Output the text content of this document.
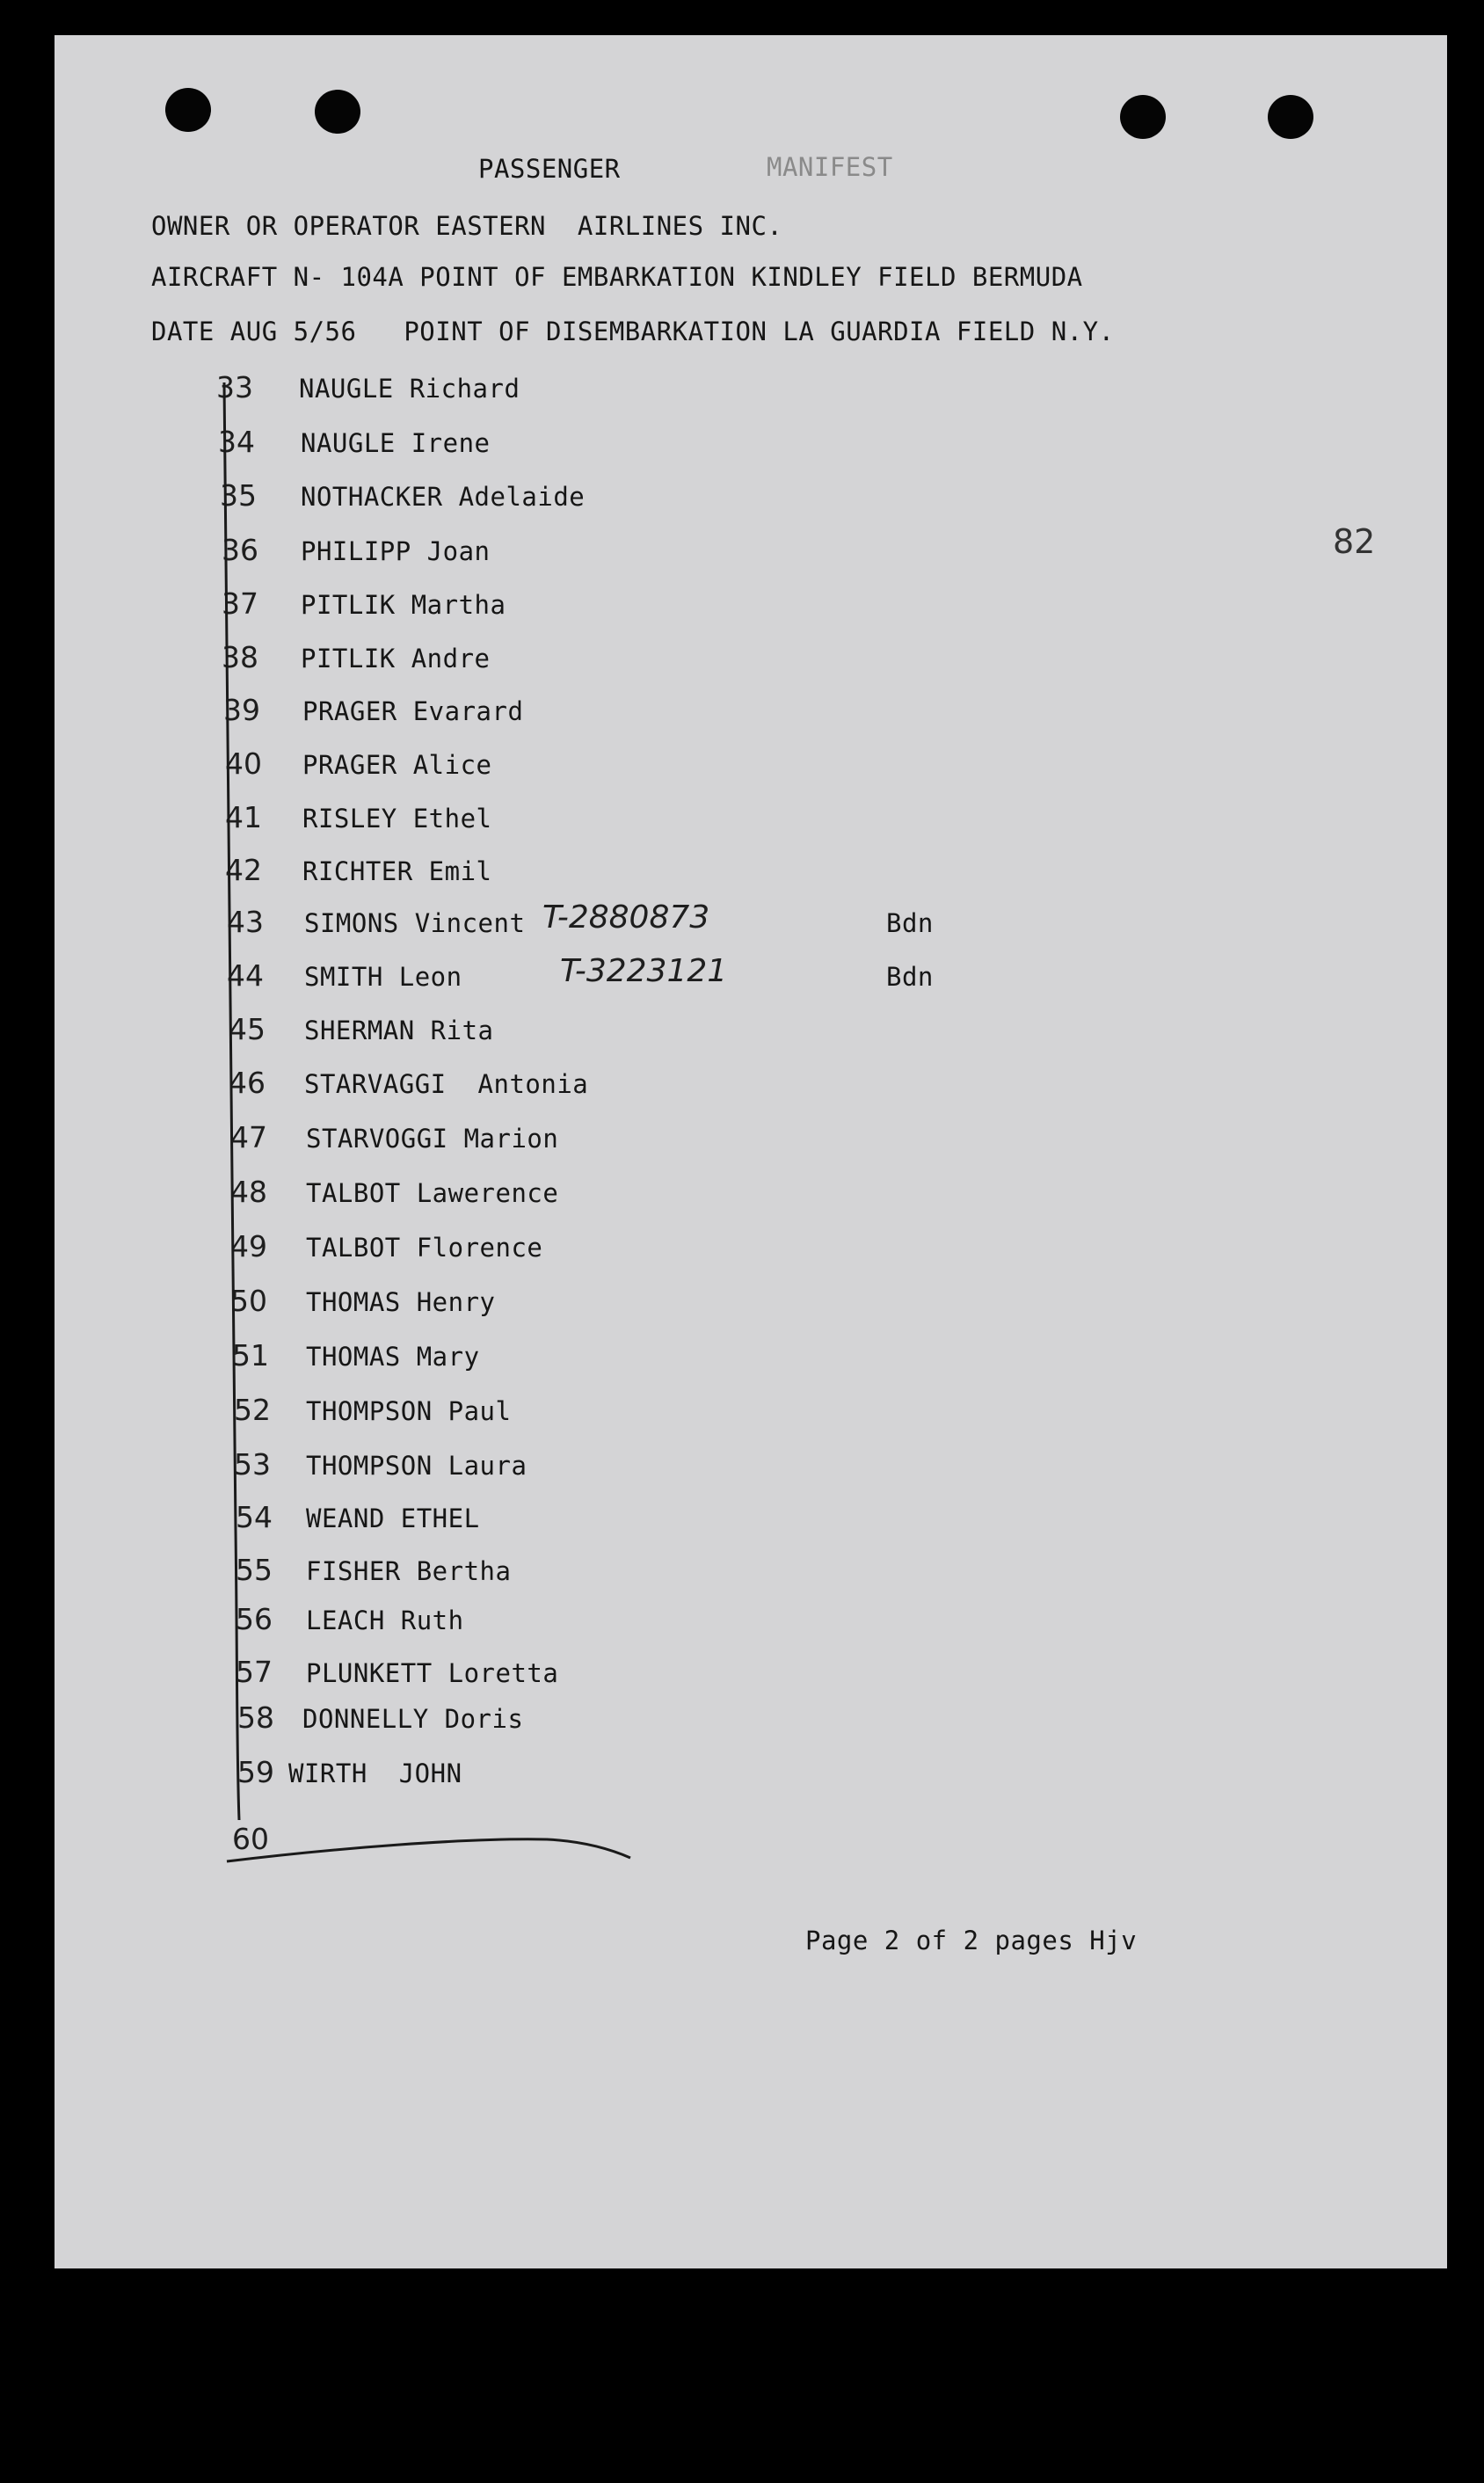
PASSENGER	MANIFEST
OWNER OR OPERATOR EASTERN  AIRLINES INC.
AIRCRAFT N- 104A POINT OF EMBARKATION KINDLEY FIELD BERMUDA
DATE AUG 5/56   POINT OF DISEMBARKATION LA GUARDIA FIELD N.Y.
82
33 NAUGLE Richard
34 NAUGLE Irene
35 NOTHACKER Adelaide
36 PHILIPP Joan
37 PITLIK Martha
38 PITLIK Andre
39 PRAGER Evarard
40 PRAGER Alice
41 RISLEY Ethel
42 RICHTER Emil
43 SIMONS Vincent T-2880873	Bdn
44 SMITH Leon	T-3223121	Bdn
45 SHERMAN Rita
46 STARVAGGI  Antonia
47 STARVOGGI Marion
48 TALBOT Lawerence
49 TALBOT Florence
50 THOMAS Henry
51 THOMAS Mary
52 THOMPSON Paul
53 THOMPSON Laura
54 WEAND ETHEL
55 FISHER Bertha
56 LEACH Ruth
57 PLUNKETT Loretta
58 DONNELLY Doris
59 WIRTH  JOHN
60
Page 2 of 2 pages Hjv
